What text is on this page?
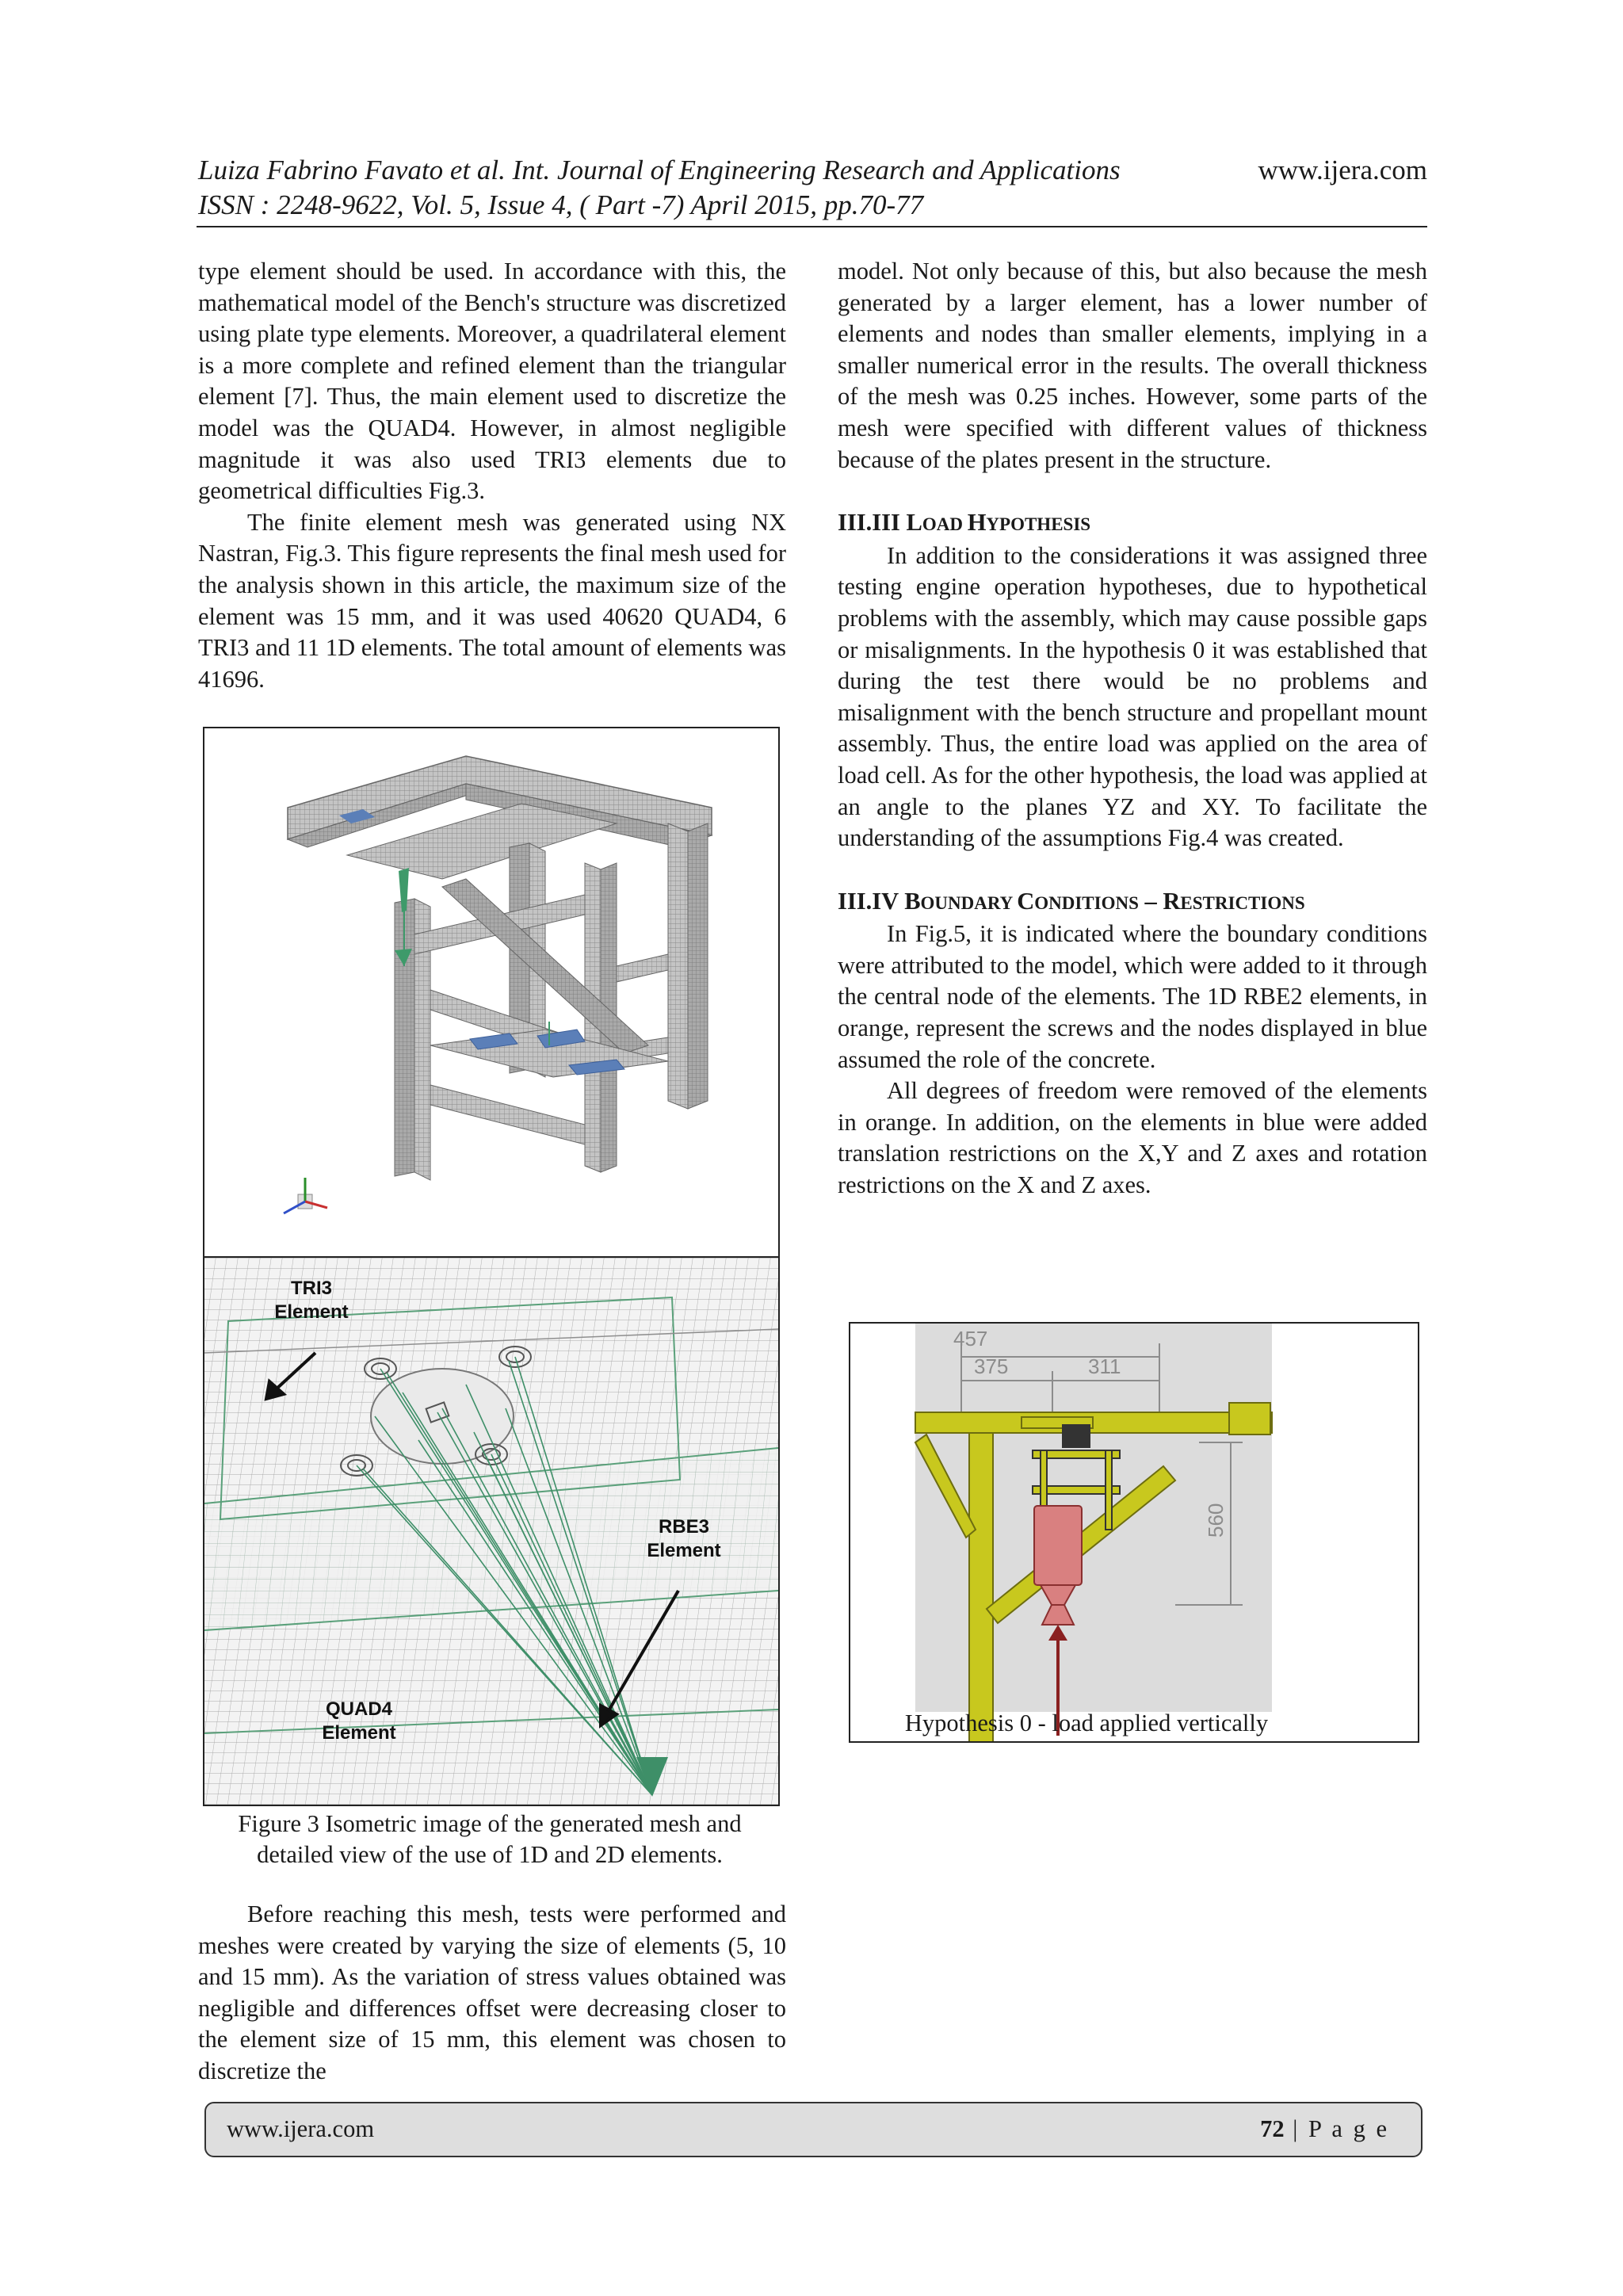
Luiza Fabrino Favato et al. Int. Journal of Engineering Research and Applications	www.ijera.com
ISSN : 2248-9622, Vol. 5, Issue 4, ( Part -7) April 2015, pp.70-77

type element should be used. In accordance with this, the mathematical model of the Bench's structure was discretized using plate type elements. Moreover, a quadrilateral element is a more complete and refined element than the triangular element [7]. Thus, the main element used to discretize the model was the QUAD4. However, in almost negligible magnitude it was also used TRI3 elements due to geometrical difficulties Fig.3.

The finite element mesh was generated using NX Nastran, Fig.3. This figure represents the final mesh used for the analysis shown in this article, the maximum size of the element was 15 mm, and it was used 40620 QUAD4, 6 TRI3 and 11 1D elements. The total amount of elements was 41696.

TRI3
Element
RBE3
Element
QUAD4
Element
Figure 3 Isometric image of the generated mesh and detailed view of the use of 1D and 2D elements.

Before reaching this mesh, tests were performed and meshes were created by varying the size of elements (5, 10 and 15 mm). As the variation of stress values obtained was negligible and differences offset were decreasing closer to the element size of 15 mm, this element was chosen to discretize the

model. Not only because of this, but also because the mesh generated by a larger element, has a lower number of elements and nodes than smaller elements, implying in a smaller numerical error in the results. The overall thickness of the mesh was 0.25 inches. However, some parts of the mesh were specified with different values of thickness because of the plates present in the structure.

III.III LOAD HYPOTHESIS

In addition to the considerations it was assigned three testing engine operation hypotheses, due to hypothetical problems with the assembly, which may cause possible gaps or misalignments. In the hypothesis 0 it was established that during the test there would be no problems and misalignment with the bench structure and propellant mount assembly. Thus, the entire load was applied on the area of load cell. As for the other hypothesis, the load was applied at an angle to the planes YZ and XY. To facilitate the understanding of the assumptions Fig.4 was created.

III.IV BOUNDARY CONDITIONS – RESTRICTIONS

In Fig.5, it is indicated where the boundary conditions were attributed to the model, which were added to it through the central node of the elements. The 1D RBE2 elements, in orange, represent the screws and the nodes displayed in blue assumed the role of the concrete.

All degrees of freedom were removed of the elements in orange. In addition, on the elements in blue were added translation restrictions on the X,Y and Z axes and rotation restrictions on the X and Z axes.

457
375	311
560
Hypothesis 0 - load applied vertically
www.ijera.com	72 | P a g e
